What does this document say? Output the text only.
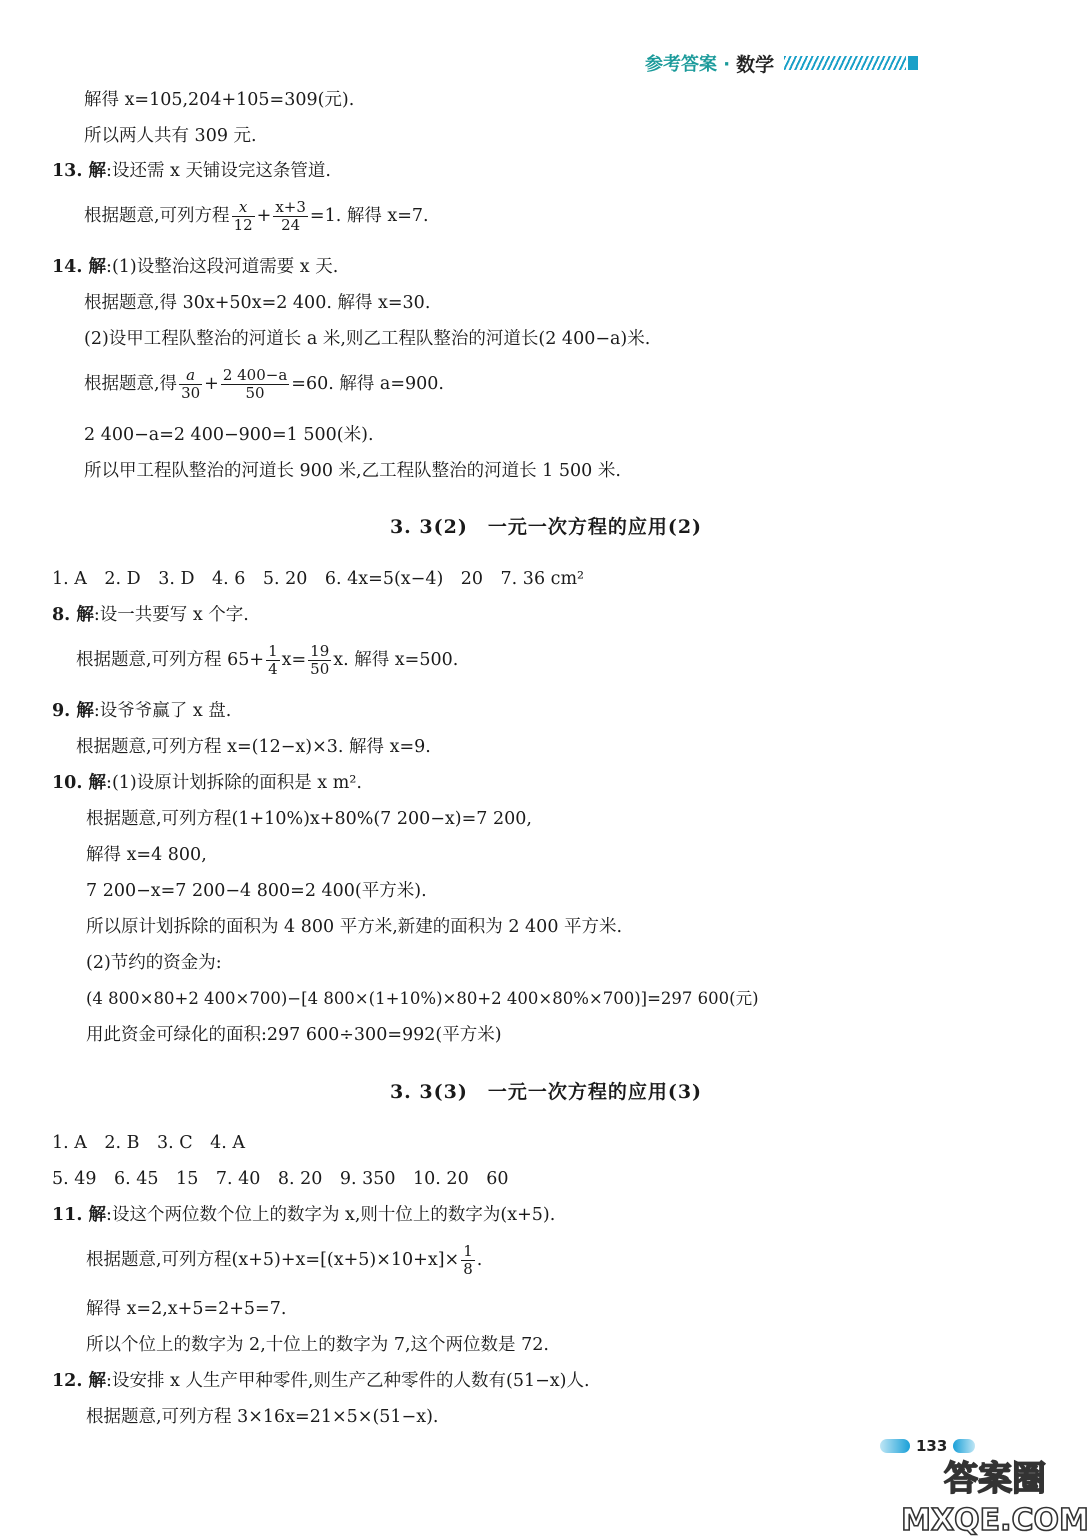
参考答案 · 数学
解得 x=105,204+105=309(元).
所以两人共有 309 元.
13. 解:设还需 x 天铺设完这条管道.
根据题意,可列方程 $\frac{x}{12} + \frac{x+3}{24} =1$. 解得 x=7.
14. 解:(1)设整治这段河道需要 x 天.
根据题意,得 30x+50x=2 400. 解得 x=30.
(2)设甲工程队整治的河道长 a 米,则乙工程队整治的河道长(2 400−a)米.
根据题意,得 $\frac{a}{30} + \frac{2 400-a}{50} =60$. 解得 a=900.
2 400−a=2 400−900=1 500(米).
所以甲工程队整治的河道长 900 米,乙工程队整治的河道长 1 500 米.
3. 3(2)　一元一次方程的应用(2)
1. A　2. D　3. D　4. 6　5. 20　6. 4x=5(x−4)　20　7. 36 cm²
8. 解:设一共要写 x 个字.
根据题意,可列方程 $65+ \frac{1}{4} x= \frac{19}{50} x$. 解得 x=500.
9. 解:设爷爷赢了 x 盘.
根据题意,可列方程 x=(12−x)×3. 解得 x=9.
10. 解:(1)设原计划拆除的面积是 x m².
根据题意,可列方程(1+10%)x+80%(7 200−x)=7 200,
解得 x=4 800,
7 200−x=7 200−4 800=2 400(平方米).
所以原计划拆除的面积为 4 800 平方米,新建的面积为 2 400 平方米.
(2)节约的资金为:
(4 800×80+2 400×700)−[4 800×(1+10%)×80+2 400×80%×700)]=297 600(元)
用此资金可绿化的面积:297 600÷300=992(平方米)
3. 3(3)　一元一次方程的应用(3)
1. A　2. B　3. C　4. A
5. 49　6. 45　15　7. 40　8. 20　9. 350　10. 20　60
11. 解:设这个两位数个位上的数字为 x,则十位上的数字为(x+5).
根据题意,可列方程$(x+5)+x=[(x+5)\times 10+x]\times \frac{1}{8}$ .
解得 x=2,x+5=2+5=7.
所以个位上的数字为 2,十位上的数字为 7,这个两位数是 72.
12. 解:设安排 x 人生产甲种零件,则生产乙种零件的人数有(51−x)人.
根据题意,可列方程 3×16x=21×5×(51−x).
133
答案圈
MXQE.COM
